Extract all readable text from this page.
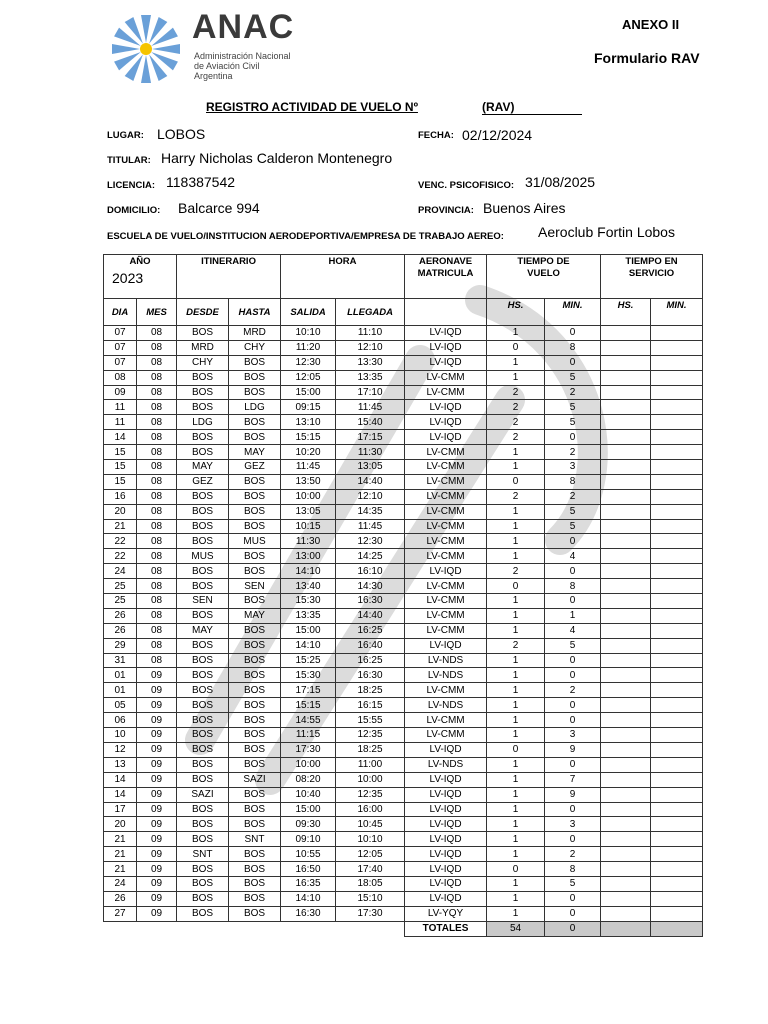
ANAC
Administración Nacional
de Aviación Civil
Argentina
ANEXO II
Formulario RAV
REGISTRO ACTIVIDAD DE VUELO Nº	(RAV)
LUGAR: LOBOS	FECHA: 02/12/2024
TITULAR: Harry Nicholas Calderon Montenegro
LICENCIA: 118387542	VENC. PSICOFISICO: 31/08/2025
DOMICILIO: Balcarce 994	PROVINCIA: Buenos Aires
ESCUELA DE VUELO/INSTITUCION AERODEPORTIVA/EMPRESA DE TRABAJO AEREO: Aeroclub Fortin Lobos
AÑO
2023		ITINERARIO		HORA		AERONAVE MATRICULA	TIEMPO DE VUELO		TIEMPO EN SERVICIO	
DIA	MES	DESDE	HASTA	SALIDA	LLEGADA		HS.	MIN.	HS.	MIN.
07	08	BOS	MRD	10:10	11:10	LV-IQD	1	0		
07	08	MRD	CHY	11:20	12:10	LV-IQD	0	8		
07	08	CHY	BOS	12:30	13:30	LV-IQD	1	0		
08	08	BOS	BOS	12:05	13:35	LV-CMM	1	5		
09	08	BOS	BOS	15:00	17:10	LV-CMM	2	2		
11	08	BOS	LDG	09:15	11:45	LV-IQD	2	5		
11	08	LDG	BOS	13:10	15:40	LV-IQD	2	5		
14	08	BOS	BOS	15:15	17:15	LV-IQD	2	0		
15	08	BOS	MAY	10:20	11:30	LV-CMM	1	2		
15	08	MAY	GEZ	11:45	13:05	LV-CMM	1	3		
15	08	GEZ	BOS	13:50	14:40	LV-CMM	0	8		
16	08	BOS	BOS	10:00	12:10	LV-CMM	2	2		
20	08	BOS	BOS	13:05	14:35	LV-CMM	1	5		
21	08	BOS	BOS	10:15	11:45	LV-CMM	1	5		
22	08	BOS	MUS	11:30	12:30	LV-CMM	1	0		
22	08	MUS	BOS	13:00	14:25	LV-CMM	1	4		
24	08	BOS	BOS	14:10	16:10	LV-IQD	2	0		
25	08	BOS	SEN	13:40	14:30	LV-CMM	0	8		
25	08	SEN	BOS	15:30	16:30	LV-CMM	1	0		
26	08	BOS	MAY	13:35	14:40	LV-CMM	1	1		
26	08	MAY	BOS	15:00	16:25	LV-CMM	1	4		
29	08	BOS	BOS	14:10	16:40	LV-IQD	2	5		
31	08	BOS	BOS	15:25	16:25	LV-NDS	1	0		
01	09	BOS	BOS	15:30	16:30	LV-NDS	1	0		
01	09	BOS	BOS	17:15	18:25	LV-CMM	1	2		
05	09	BOS	BOS	15:15	16:15	LV-NDS	1	0		
06	09	BOS	BOS	14:55	15:55	LV-CMM	1	0		
10	09	BOS	BOS	11:15	12:35	LV-CMM	1	3		
12	09	BOS	BOS	17:30	18:25	LV-IQD	0	9		
13	09	BOS	BOS	10:00	11:00	LV-NDS	1	0		
14	09	BOS	SAZI	08:20	10:00	LV-IQD	1	7		
14	09	SAZI	BOS	10:40	12:35	LV-IQD	1	9		
17	09	BOS	BOS	15:00	16:00	LV-IQD	1	0		
20	09	BOS	BOS	09:30	10:45	LV-IQD	1	3		
21	09	BOS	SNT	09:10	10:10	LV-IQD	1	0		
21	09	SNT	BOS	10:55	12:05	LV-IQD	1	2		
21	09	BOS	BOS	16:50	17:40	LV-IQD	0	8		
24	09	BOS	BOS	16:35	18:05	LV-IQD	1	5		
26	09	BOS	BOS	14:10	15:10	LV-IQD	1	0		
27	09	BOS	BOS	16:30	17:30	LV-YQY	1	0		
						TOTALES	54	0		
